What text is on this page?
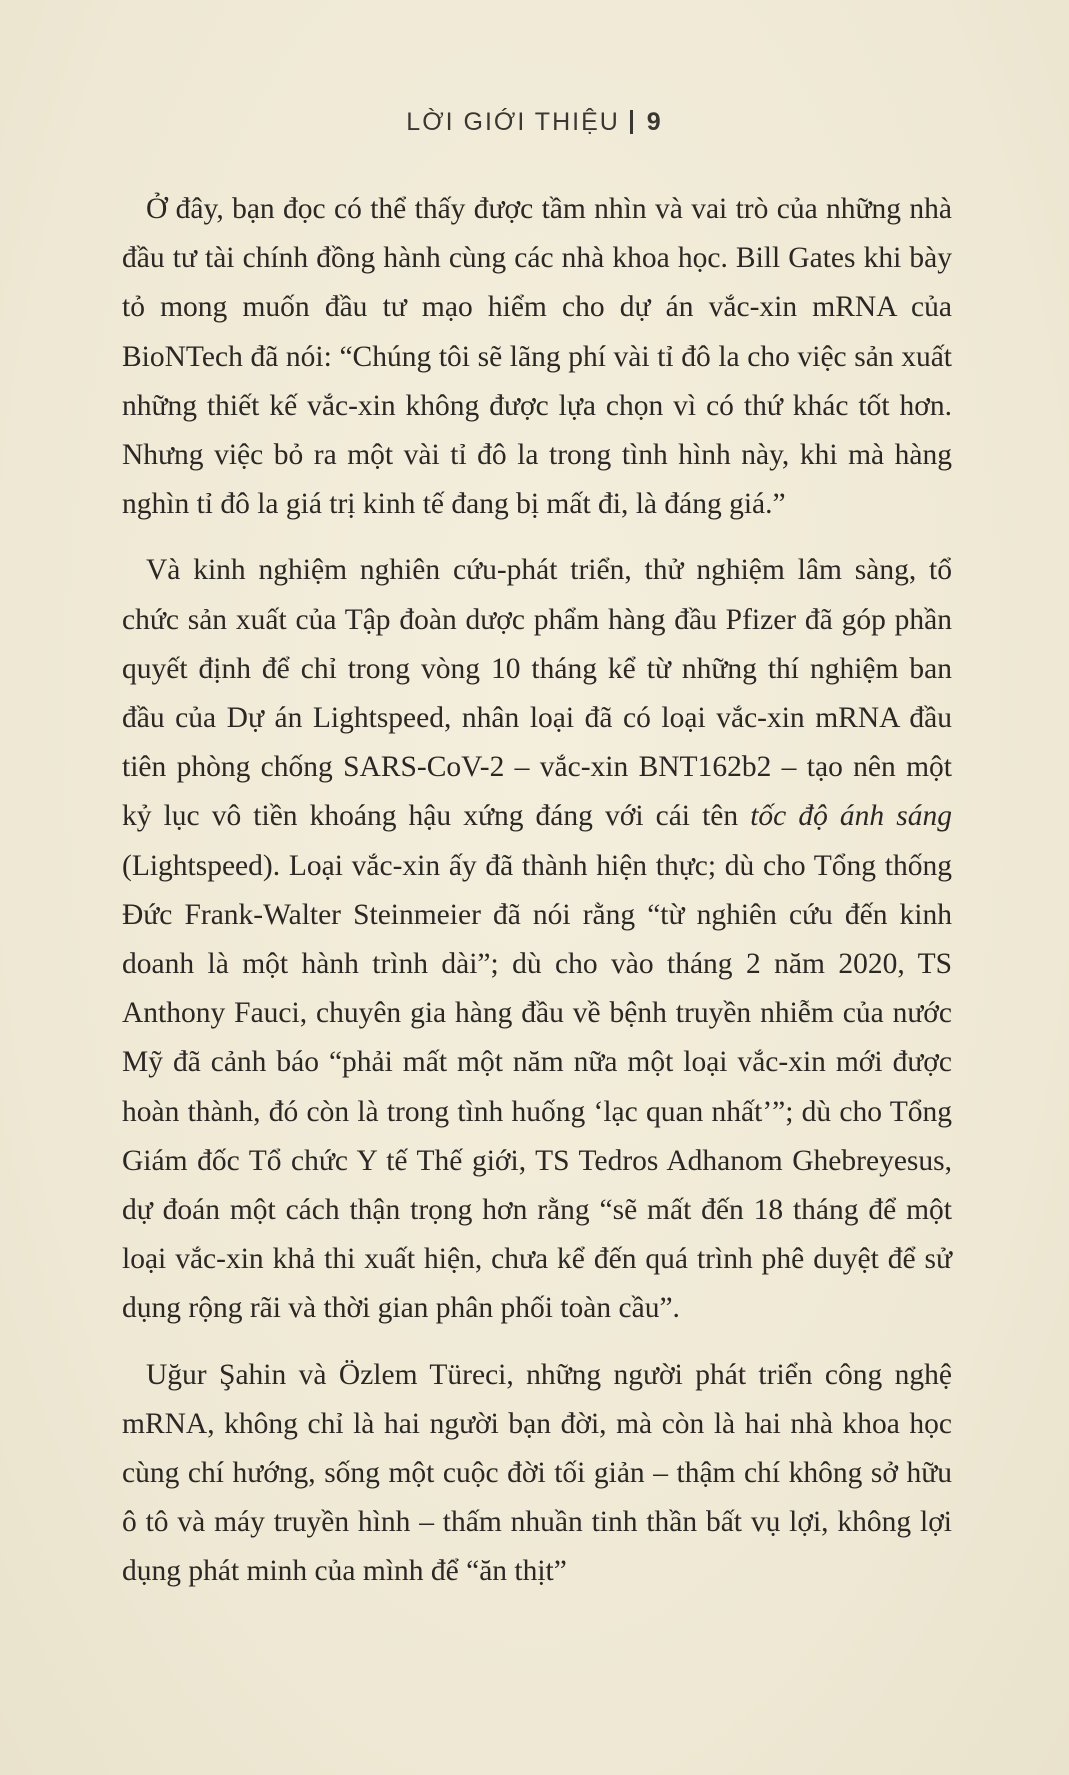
LỜI GIỚI THIỆU 9

Ở đây, bạn đọc có thể thấy được tầm nhìn và vai trò của những nhà đầu tư tài chính đồng hành cùng các nhà khoa học. Bill Gates khi bày tỏ mong muốn đầu tư mạo hiểm cho dự án vắc-xin mRNA của BioNTech đã nói: “Chúng tôi sẽ lãng phí vài tỉ đô la cho việc sản xuất những thiết kế vắc-xin không được lựa chọn vì có thứ khác tốt hơn. Nhưng việc bỏ ra một vài tỉ đô la trong tình hình này, khi mà hàng nghìn tỉ đô la giá trị kinh tế đang bị mất đi, là đáng giá.”

Và kinh nghiệm nghiên cứu-phát triển, thử nghiệm lâm sàng, tổ chức sản xuất của Tập đoàn dược phẩm hàng đầu Pfizer đã góp phần quyết định để chỉ trong vòng 10 tháng kể từ những thí nghiệm ban đầu của Dự án Lightspeed, nhân loại đã có loại vắc-xin mRNA đầu tiên phòng chống SARS-CoV-2 – vắc-xin BNT162b2 – tạo nên một kỷ lục vô tiền khoáng hậu xứng đáng với cái tên tốc độ ánh sáng (Lightspeed). Loại vắc-xin ấy đã thành hiện thực; dù cho Tổng thống Đức Frank-Walter Steinmeier đã nói rằng “từ nghiên cứu đến kinh doanh là một hành trình dài”; dù cho vào tháng 2 năm 2020, TS Anthony Fauci, chuyên gia hàng đầu về bệnh truyền nhiễm của nước Mỹ đã cảnh báo “phải mất một năm nữa một loại vắc-xin mới được hoàn thành, đó còn là trong tình huống ‘lạc quan nhất’”; dù cho Tổng Giám đốc Tổ chức Y tế Thế giới, TS Tedros Adhanom Ghebreyesus, dự đoán một cách thận trọng hơn rằng “sẽ mất đến 18 tháng để một loại vắc-xin khả thi xuất hiện, chưa kể đến quá trình phê duyệt để sử dụng rộng rãi và thời gian phân phối toàn cầu”.

Uğur Şahin và Özlem Türeci, những người phát triển công nghệ mRNA, không chỉ là hai người bạn đời, mà còn là hai nhà khoa học cùng chí hướng, sống một cuộc đời tối giản – thậm chí không sở hữu ô tô và máy truyền hình – thấm nhuần tinh thần bất vụ lợi, không lợi dụng phát minh của mình để “ăn thịt”
